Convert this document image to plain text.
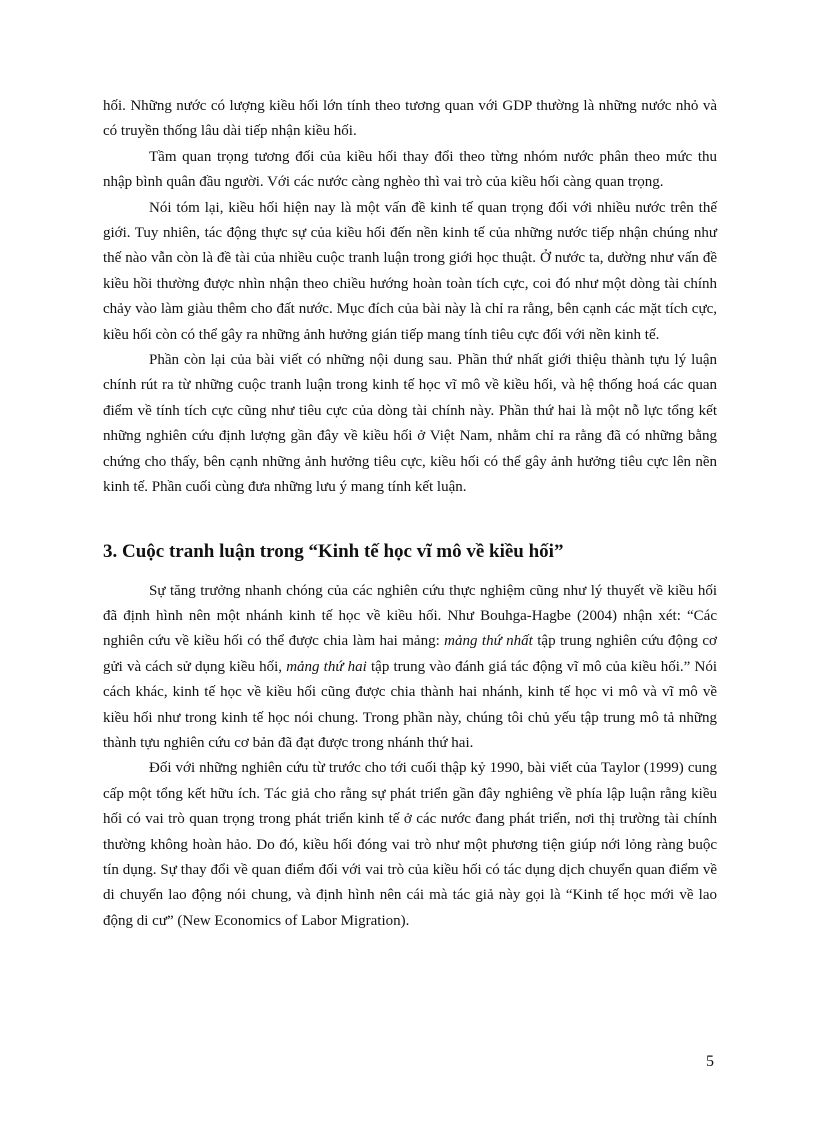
hối. Những nước có lượng kiều hối lớn tính theo tương quan với GDP thường là những nước nhỏ và có truyền thống lâu dài tiếp nhận kiều hối.

Tầm quan trọng tương đối của kiều hối thay đổi theo từng nhóm nước phân theo mức thu nhập bình quân đầu người. Với các nước càng nghèo thì vai trò của kiều hối càng quan trọng.

Nói tóm lại, kiều hối hiện nay là một vấn đề kinh tế quan trọng đối với nhiều nước trên thế giới. Tuy nhiên, tác động thực sự của kiều hối đến nền kinh tế của những nước tiếp nhận chúng như thế nào vẫn còn là đề tài của nhiều cuộc tranh luận trong giới học thuật. Ở nước ta, dường như vấn đề kiều hồi thường được nhìn nhận theo chiều hướng hoàn toàn tích cực, coi đó như một dòng tài chính chảy vào làm giàu thêm cho đất nước. Mục đích của bài này là chỉ ra rằng, bên cạnh các mặt tích cực, kiều hối còn có thể gây ra những ảnh hưởng gián tiếp mang tính tiêu cực đối với nền kinh tế.

Phần còn lại của bài viết có những nội dung sau. Phần thứ nhất giới thiệu thành tựu lý luận chính rút ra từ những cuộc tranh luận trong kinh tế học vĩ mô về kiều hối, và hệ thống hoá các quan điểm về tính tích cực cũng như tiêu cực của dòng tài chính này. Phần thứ hai là một nỗ lực tổng kết những nghiên cứu định lượng gần đây về kiều hối ở Việt Nam, nhằm chỉ ra rằng đã có những bằng chứng cho thấy, bên cạnh những ảnh hưởng tiêu cực, kiều hối có thể gây ảnh hưởng tiêu cực lên nền kinh tế. Phần cuối cùng đưa những lưu ý mang tính kết luận.

3. Cuộc tranh luận trong “Kinh tế học vĩ mô về kiều hối”

Sự tăng trưởng nhanh chóng của các nghiên cứu thực nghiệm cũng như lý thuyết về kiều hối đã định hình nên một nhánh kinh tế học về kiều hối. Như Bouhga-Hagbe (2004) nhận xét: “Các nghiên cứu về kiều hối có thể được chia làm hai mảng: mảng thứ nhất tập trung nghiên cứu động cơ gửi và cách sử dụng kiều hối, mảng thứ hai tập trung vào đánh giá tác động vĩ mô của kiều hối.” Nói cách khác, kinh tế học về kiều hối cũng được chia thành hai nhánh, kinh tế học vi mô và vĩ mô về kiều hối như trong kinh tế học nói chung. Trong phần này, chúng tôi chủ yếu tập trung mô tả những thành tựu nghiên cứu cơ bản đã đạt được trong nhánh thứ hai.

Đối với những nghiên cứu từ trước cho tới cuối thập kỷ 1990, bài viết của Taylor (1999) cung cấp một tổng kết hữu ích. Tác giả cho rằng sự phát triển gần đây nghiêng về phía lập luận rằng kiều hối có vai trò quan trọng trong phát triển kinh tế ở các nước đang phát triển, nơi thị trường tài chính thường không hoàn hảo. Do đó, kiều hối đóng vai trò như một phương tiện giúp nới lỏng ràng buộc tín dụng. Sự thay đổi về quan điểm đối với vai trò của kiều hối có tác dụng dịch chuyển quan điểm về di chuyển lao động nói chung, và định hình nên cái mà tác giả này gọi là “Kinh tế học mới về lao động di cư” (New Economics of Labor Migration).

5
